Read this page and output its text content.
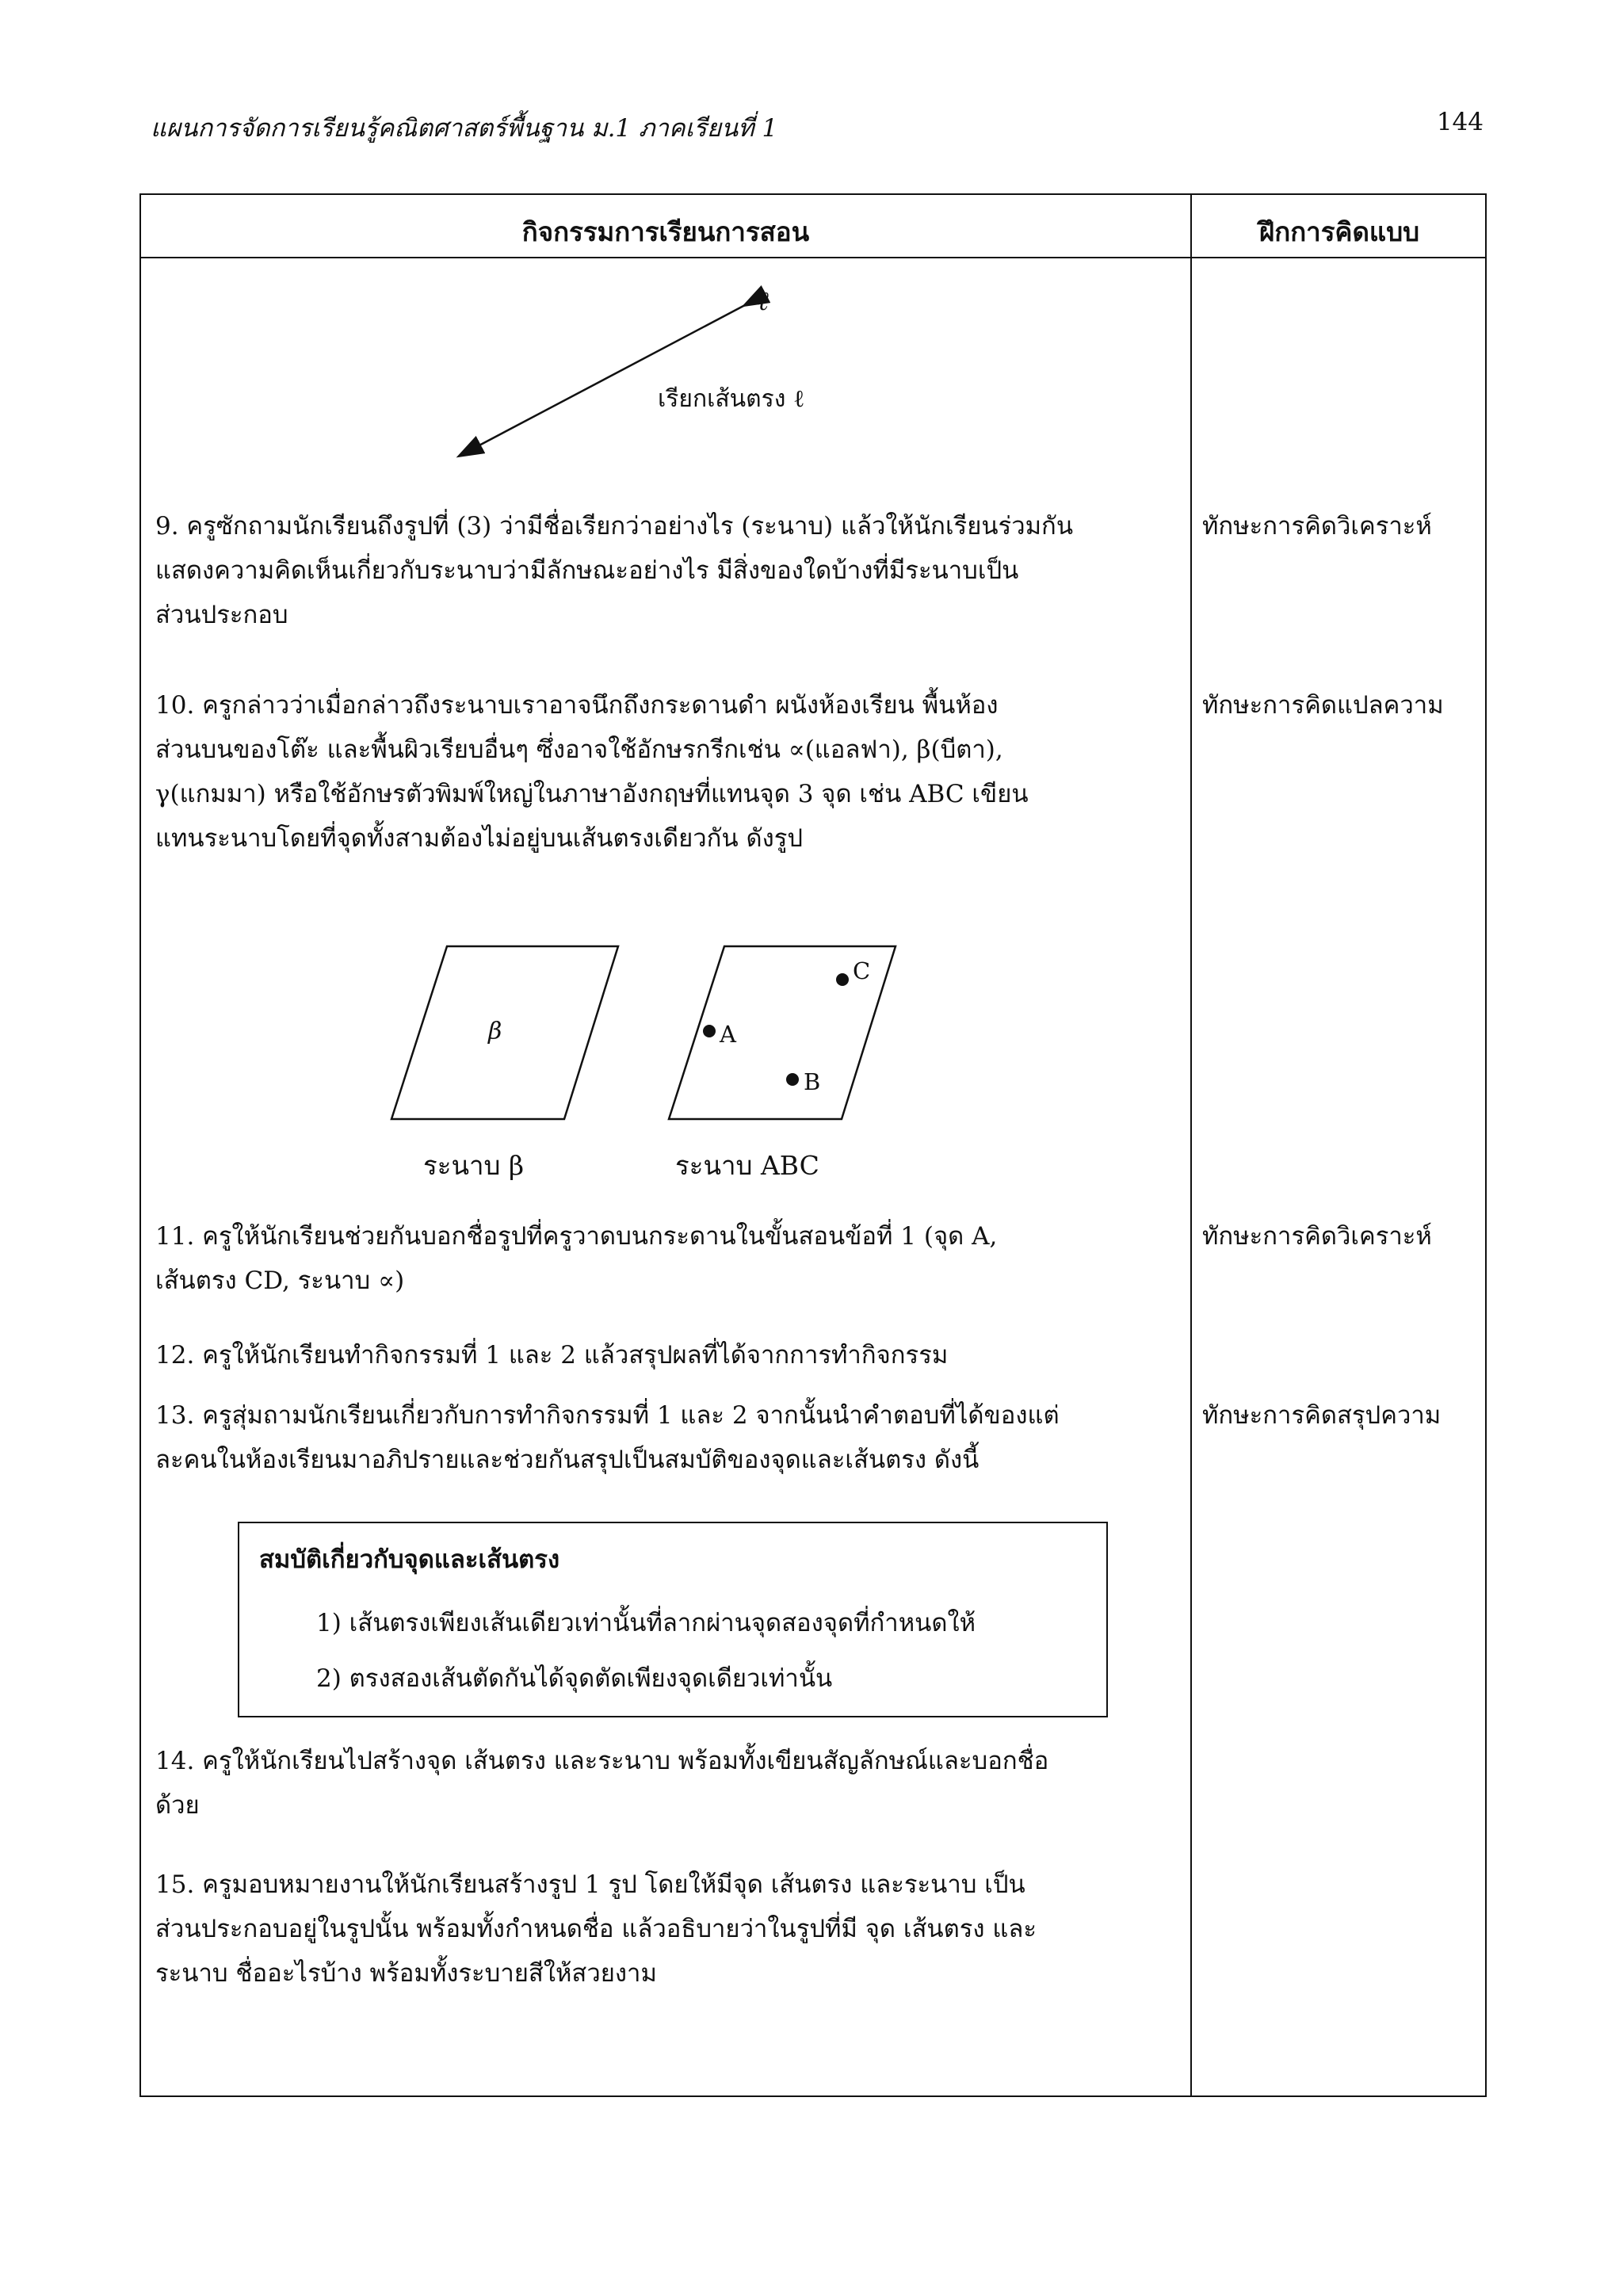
แผนการจัดการเรียนรู้คณิตศาสตร์พื้นฐาน ม.1 ภาคเรียนที่ 1	144
กิจกรรมการเรียนการสอน	ฝึกการคิดแบบ
ℓ
เรียกเส้นตรง ℓ
9. ครูซักถามนักเรียนถึงรูปที่ (3) ว่ามีชื่อเรียกว่าอย่างไร (ระนาบ) แล้วให้นักเรียนร่วมกัน
แสดงความคิดเห็นเกี่ยวกับระนาบว่ามีลักษณะอย่างไร มีสิ่งของใดบ้างที่มีระนาบเป็น
ส่วนประกอบ
ทักษะการคิดวิเคราะห์
10. ครูกล่าวว่าเมื่อกล่าวถึงระนาบเราอาจนึกถึงกระดานดำ ผนังห้องเรียน พื้นห้อง
ส่วนบนของโต๊ะ และพื้นผิวเรียบอื่นๆ ซึ่งอาจใช้อักษรกรีกเช่น ∝(แอลฟา), β(บีตา),
γ(แกมมา) หรือใช้อักษรตัวพิมพ์ใหญ่ในภาษาอังกฤษที่แทนจุด 3 จุด เช่น ABC เขียน
แทนระนาบโดยที่จุดทั้งสามต้องไม่อยู่บนเส้นตรงเดียวกัน ดังรูป
ทักษะการคิดแปลความ
β
ระนาบ β
A
B
C
ระนาบ ABC
11. ครูให้นักเรียนช่วยกันบอกชื่อรูปที่ครูวาดบนกระดานในขั้นสอนข้อที่ 1 (จุด A,
เส้นตรง CD, ระนาบ ∝)
ทักษะการคิดวิเคราะห์
12. ครูให้นักเรียนทำกิจกรรมที่ 1 และ 2 แล้วสรุปผลที่ได้จากการทำกิจกรรม
13. ครูสุ่มถามนักเรียนเกี่ยวกับการทำกิจกรรมที่ 1 และ 2 จากนั้นนำคำตอบที่ได้ของแต่
ละคนในห้องเรียนมาอภิปรายและช่วยกันสรุปเป็นสมบัติของจุดและเส้นตรง ดังนี้
ทักษะการคิดสรุปความ
สมบัติเกี่ยวกับจุดและเส้นตรง
1) เส้นตรงเพียงเส้นเดียวเท่านั้นที่ลากผ่านจุดสองจุดที่กำหนดให้
2) ตรงสองเส้นตัดกันได้จุดตัดเพียงจุดเดียวเท่านั้น
14. ครูให้นักเรียนไปสร้างจุด เส้นตรง และระนาบ พร้อมทั้งเขียนสัญลักษณ์และบอกชื่อ
ด้วย
15. ครูมอบหมายงานให้นักเรียนสร้างรูป 1 รูป โดยให้มีจุด เส้นตรง และระนาบ เป็น
ส่วนประกอบอยู่ในรูปนั้น พร้อมทั้งกำหนดชื่อ แล้วอธิบายว่าในรูปที่มี จุด เส้นตรง และ
ระนาบ ชื่ออะไรบ้าง พร้อมทั้งระบายสีให้สวยงาม
